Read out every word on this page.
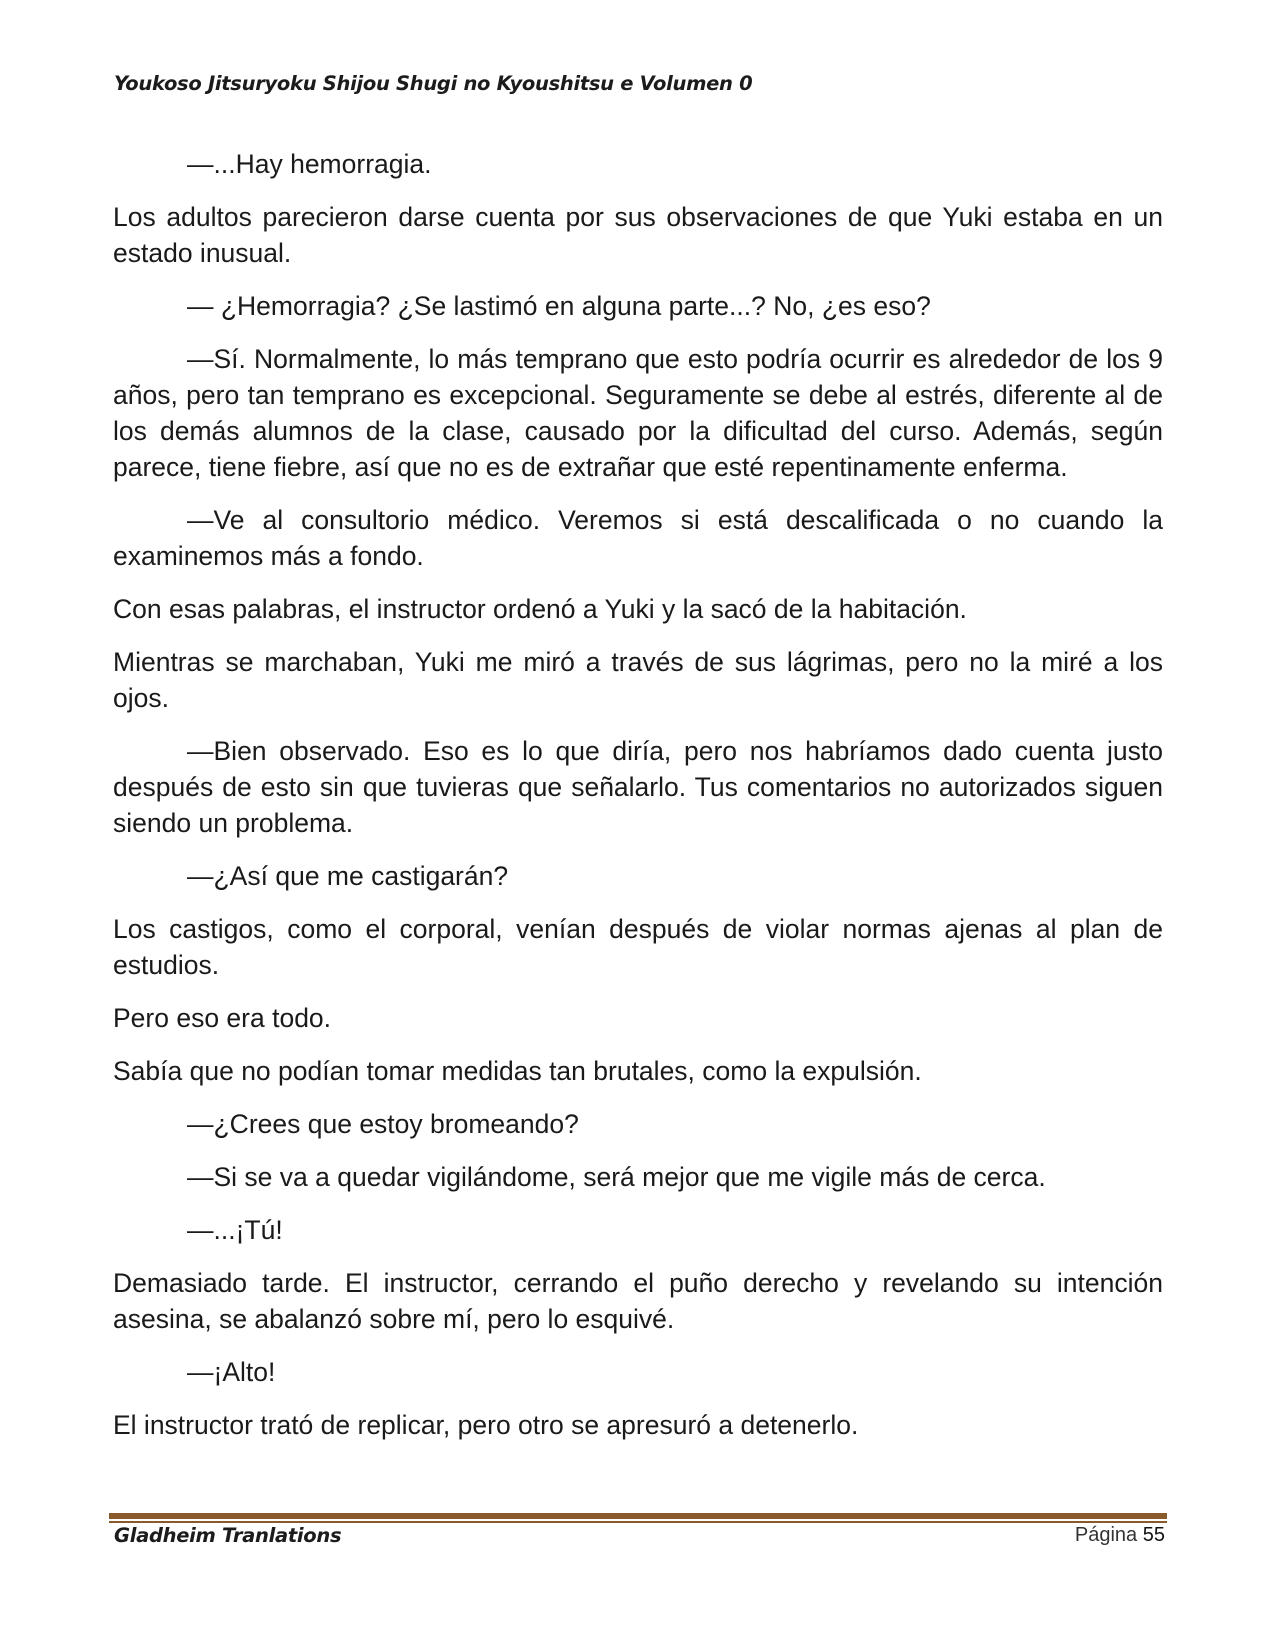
Youkoso Jitsuryoku Shijou Shugi no Kyoushitsu e Volumen 0

—...Hay hemorragia.

Los adultos parecieron darse cuenta por sus observaciones de que Yuki estaba en un estado inusual.

— ¿Hemorragia? ¿Se lastimó en alguna parte...? No, ¿es eso?

—Sí. Normalmente, lo más temprano que esto podría ocurrir es alrededor de los 9 años, pero tan temprano es excepcional. Seguramente se debe al estrés, diferente al de los demás alumnos de la clase, causado por la dificultad del curso. Además, según parece, tiene fiebre, así que no es de extrañar que esté repentinamente enferma.

—Ve al consultorio médico. Veremos si está descalificada o no cuando la examinemos más a fondo.

Con esas palabras, el instructor ordenó a Yuki y la sacó de la habitación.

Mientras se marchaban, Yuki me miró a través de sus lágrimas, pero no la miré a los ojos.

—Bien observado. Eso es lo que diría, pero nos habríamos dado cuenta justo después de esto sin que tuvieras que señalarlo. Tus comentarios no autorizados siguen siendo un problema.

—¿Así que me castigarán?

Los castigos, como el corporal, venían después de violar normas ajenas al plan de estudios.

Pero eso era todo.

Sabía que no podían tomar medidas tan brutales, como la expulsión.

—¿Crees que estoy bromeando?

—Si se va a quedar vigilándome, será mejor que me vigile más de cerca.

—...¡Tú!

Demasiado tarde. El instructor, cerrando el puño derecho y revelando su intención asesina, se abalanzó sobre mí, pero lo esquivé.

—¡Alto!

El instructor trató de replicar, pero otro se apresuró a detenerlo.

Gladheim Tranlations	Página 55
